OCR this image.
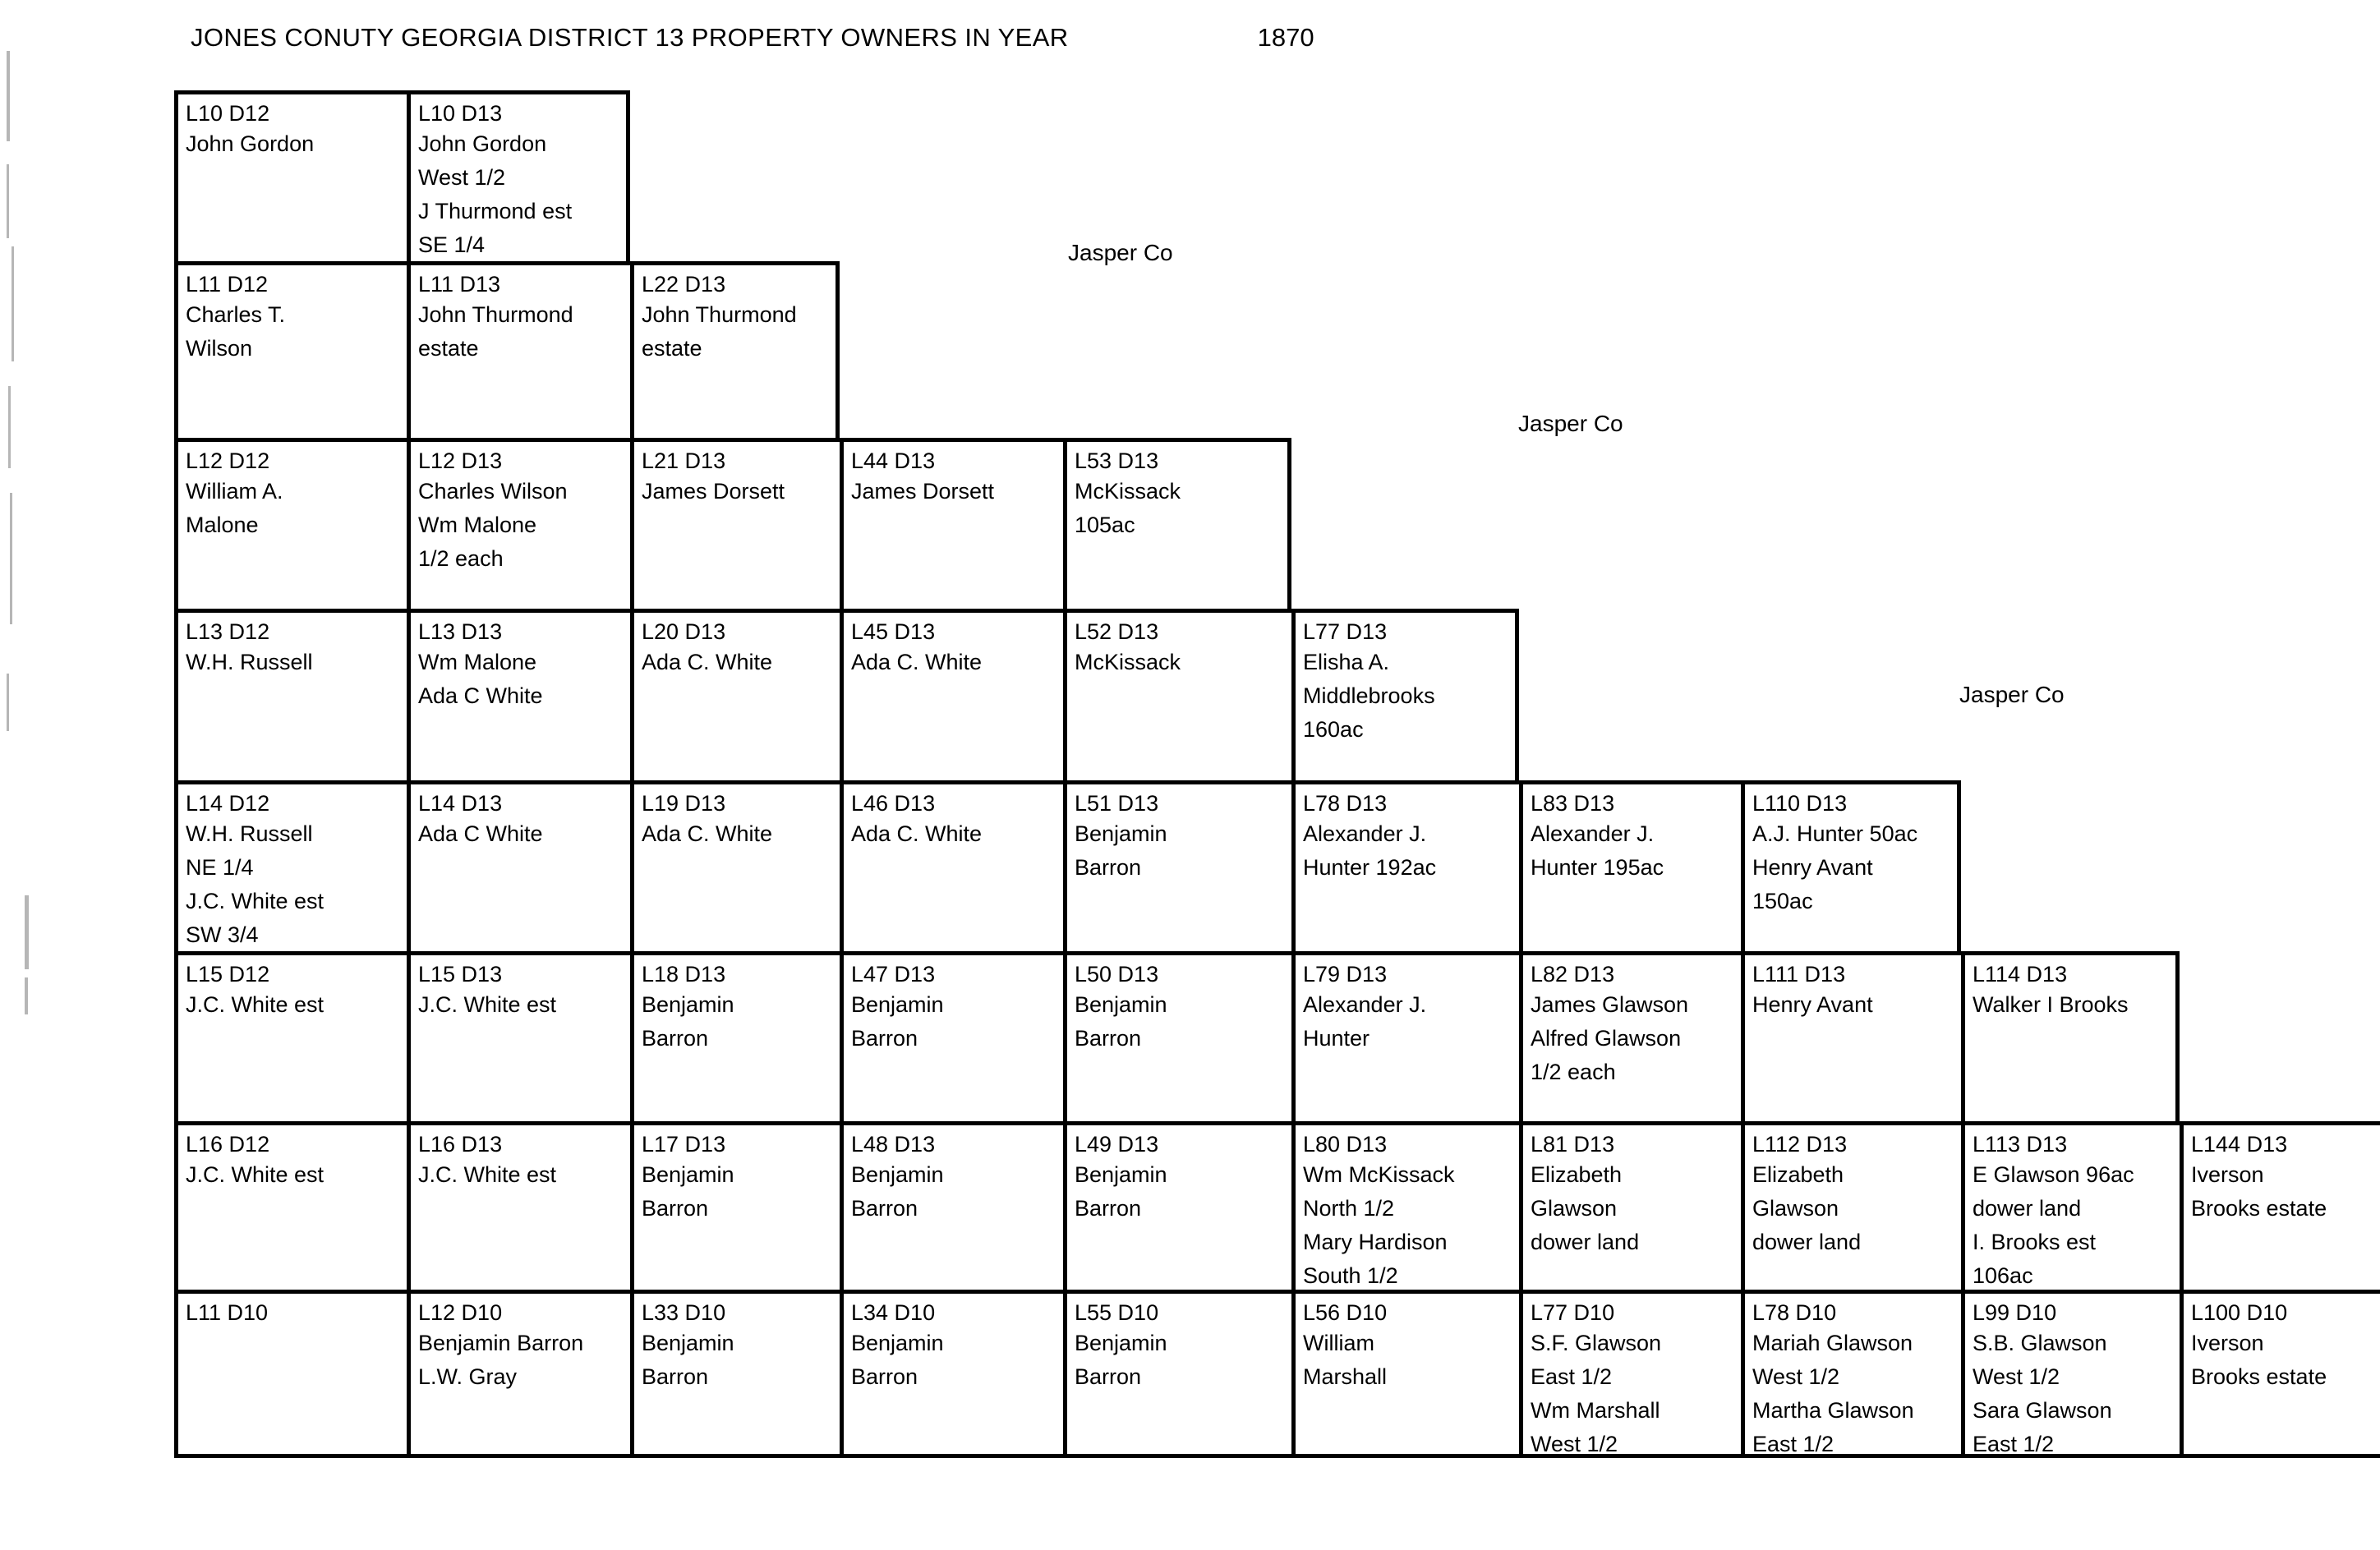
JONES CONUTY GEORGIA DISTRICT 13 PROPERTY OWNERS IN YEAR	1870
Jasper Co
Jasper Co
Jasper Co
L10 D12
John Gordon
L10 D13
John Gordon
West 1/2
J Thurmond est
SE 1/4
L11 D12
Charles T.
Wilson
L11 D13
John Thurmond
estate
L22 D13
John Thurmond
estate
L12 D12
William A.
Malone
L12 D13
Charles Wilson
Wm Malone
1/2 each
L21 D13
James Dorsett
L44 D13
James Dorsett
L53 D13
McKissack
105ac
L13 D12
W.H. Russell
L13 D13
Wm Malone
Ada C White
L20 D13
Ada C. White
L45 D13
Ada C. White
L52 D13
McKissack
L77 D13
Elisha A.
Middlebrooks
160ac
L14 D12
W.H. Russell
NE 1/4
J.C. White est
SW 3/4
L14 D13
Ada C White
L19 D13
Ada C. White
L46 D13
Ada C. White
L51 D13
Benjamin
Barron
L78 D13
Alexander J.
Hunter 192ac
L83 D13
Alexander J.
Hunter 195ac
L110 D13
A.J. Hunter 50ac
Henry Avant
150ac
L15 D12
J.C. White est
L15 D13
J.C. White est
L18 D13
Benjamin
Barron
L47 D13
Benjamin
Barron
L50 D13
Benjamin
Barron
L79 D13
Alexander J.
Hunter
L82 D13
James Glawson
Alfred Glawson
1/2 each
L111 D13
Henry Avant
L114 D13
Walker I Brooks
L16 D12
J.C. White est
L16 D13
J.C. White est
L17 D13
Benjamin
Barron
L48 D13
Benjamin
Barron
L49 D13
Benjamin
Barron
L80 D13
Wm McKissack
North 1/2
Mary Hardison
South 1/2
L81 D13
Elizabeth
Glawson
dower land
L112 D13
Elizabeth
Glawson
dower land
L113 D13
E Glawson 96ac
dower land
I. Brooks est
106ac
L144 D13
Iverson
Brooks estate
L11 D10	L12 D10
Benjamin Barron
L.W. Gray
L33 D10
Benjamin
Barron
L34 D10
Benjamin
Barron
L55 D10
Benjamin
Barron
L56 D10
William
Marshall
L77 D10
S.F. Glawson
East 1/2
Wm Marshall
West 1/2
L78 D10
Mariah Glawson
West 1/2
Martha Glawson
East 1/2
L99 D10
S.B. Glawson
West 1/2
Sara Glawson
East 1/2
L100 D10
Iverson
Brooks estate
